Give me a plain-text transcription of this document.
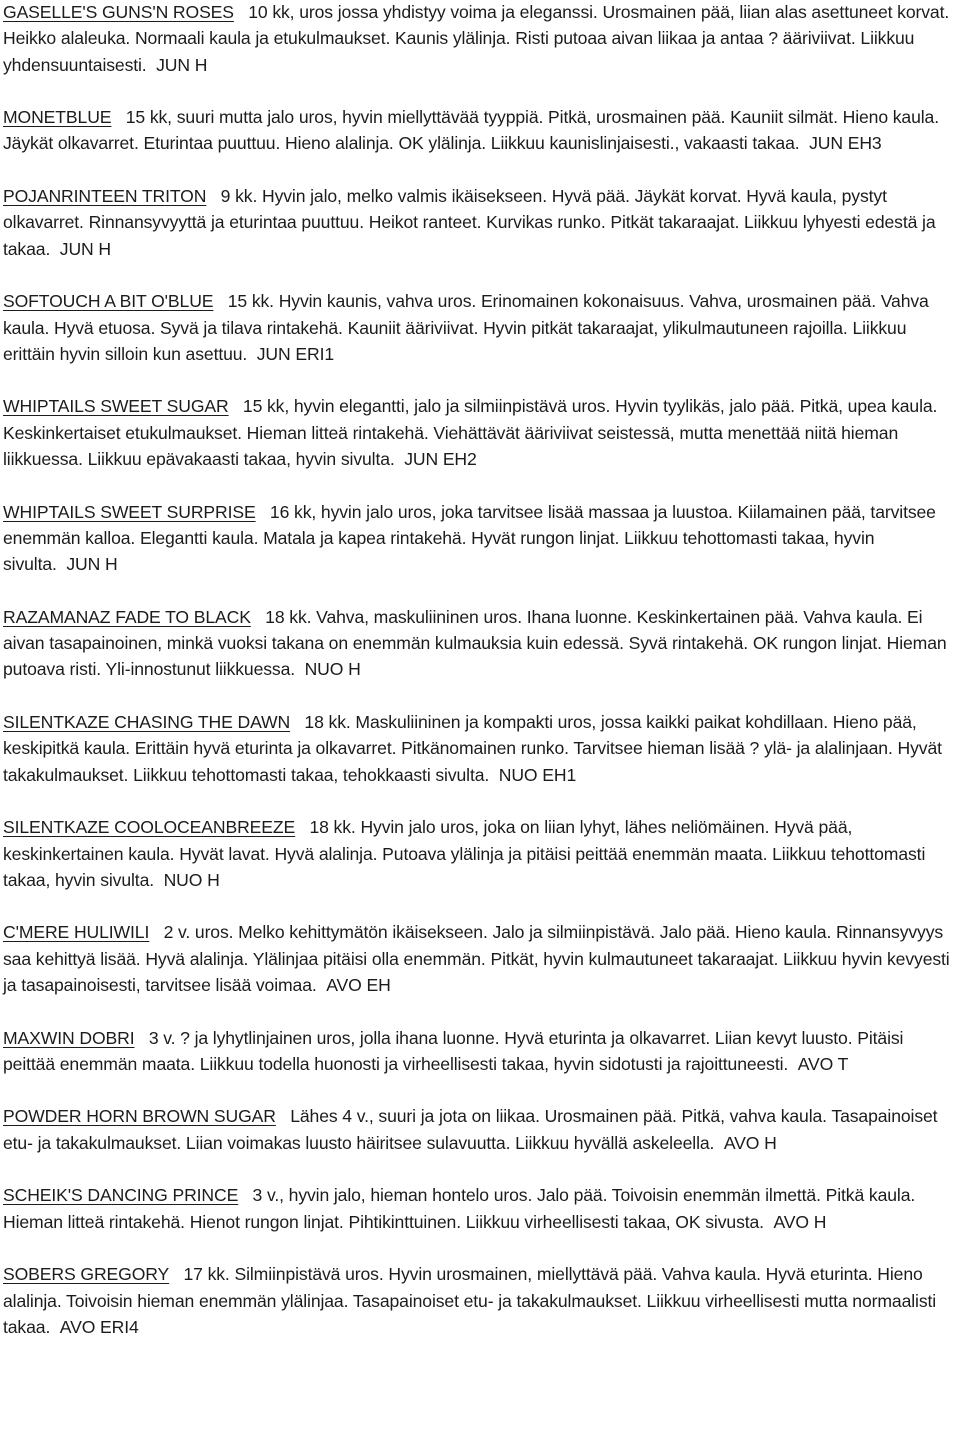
GASELLE'S GUNS'N ROSES 10 kk, uros jossa yhdistyy voima ja eleganssi. Urosmainen pää, liian alas asettuneet korvat. Heikko alaleuka. Normaali kaula ja etukulmaukset. Kaunis ylälinja. Risti putoaa aivan liikaa ja antaa ? ääriviivat. Liikkuu yhdensuuntaisesti. JUN H

MONETBLUE 15 kk, suuri mutta jalo uros, hyvin miellyttävää tyyppiä. Pitkä, urosmainen pää. Kauniit silmät. Hieno kaula. Jäykät olkavarret. Eturintaa puuttuu. Hieno alalinja. OK ylälinja. Liikkuu kaunislinjaisesti., vakaasti takaa. JUN EH3

POJANRINTEEN TRITON 9 kk. Hyvin jalo, melko valmis ikäisekseen. Hyvä pää. Jäykät korvat. Hyvä kaula, pystyt olkavarret. Rinnansyvyyttä ja eturintaa puuttuu. Heikot ranteet. Kurvikas runko. Pitkät takaraajat. Liikkuu lyhyesti edestä ja takaa. JUN H

SOFTOUCH A BIT O'BLUE 15 kk. Hyvin kaunis, vahva uros. Erinomainen kokonaisuus. Vahva, urosmainen pää. Vahva kaula. Hyvä etuosa. Syvä ja tilava rintakehä. Kauniit ääriviivat. Hyvin pitkät takaraajat, ylikulmautuneen rajoilla. Liikkuu erittäin hyvin silloin kun asettuu. JUN ERI1

WHIPTAILS SWEET SUGAR 15 kk, hyvin elegantti, jalo ja silmiinpistävä uros. Hyvin tyylikäs, jalo pää. Pitkä, upea kaula. Keskinkertaiset etukulmaukset. Hieman litteä rintakehä. Viehättävät ääriviivat seistessä, mutta menettää niitä hieman liikkuessa. Liikkuu epävakaasti takaa, hyvin sivulta. JUN EH2

WHIPTAILS SWEET SURPRISE 16 kk, hyvin jalo uros, joka tarvitsee lisää massaa ja luustoa. Kiilamainen pää, tarvitsee enemmän kalloa. Elegantti kaula. Matala ja kapea rintakehä. Hyvät rungon linjat. Liikkuu tehottomasti takaa, hyvin sivulta. JUN H

RAZAMANAZ FADE TO BLACK 18 kk. Vahva, maskuliininen uros. Ihana luonne. Keskinkertainen pää. Vahva kaula. Ei aivan tasapainoinen, minkä vuoksi takana on enemmän kulmauksia kuin edessä. Syvä rintakehä. OK rungon linjat. Hieman putoava risti. Yli-innostunut liikkuessa. NUO H

SILENTKAZE CHASING THE DAWN 18 kk. Maskuliininen ja kompakti uros, jossa kaikki paikat kohdillaan. Hieno pää, keskipitkä kaula. Erittäin hyvä eturinta ja olkavarret. Pitkänomainen runko. Tarvitsee hieman lisää ? ylä- ja alalinjaan. Hyvät takakulmaukset. Liikkuu tehottomasti takaa, tehokkaasti sivulta. NUO EH1

SILENTKAZE COOLOCEANBREEZE 18 kk. Hyvin jalo uros, joka on liian lyhyt, lähes neliömäinen. Hyvä pää, keskinkertainen kaula. Hyvät lavat. Hyvä alalinja. Putoava ylälinja ja pitäisi peittää enemmän maata. Liikkuu tehottomasti takaa, hyvin sivulta. NUO H

C'MERE HULIWILI 2 v. uros. Melko kehittymätön ikäisekseen. Jalo ja silmiinpistävä. Jalo pää. Hieno kaula. Rinnansyvyys saa kehittyä lisää. Hyvä alalinja. Ylälinjaa pitäisi olla enemmän. Pitkät, hyvin kulmautuneet takaraajat. Liikkuu hyvin kevyesti ja tasapainoisesti, tarvitsee lisää voimaa. AVO EH

MAXWIN DOBRI 3 v. ? ja lyhytlinjainen uros, jolla ihana luonne. Hyvä eturinta ja olkavarret. Liian kevyt luusto. Pitäisi peittää enemmän maata. Liikkuu todella huonosti ja virheellisesti takaa, hyvin sidotusti ja rajoittuneesti. AVO T

POWDER HORN BROWN SUGAR Lähes 4 v., suuri ja jota on liikaa. Urosmainen pää. Pitkä, vahva kaula. Tasapainoiset etu- ja takakulmaukset. Liian voimakas luusto häiritsee sulavuutta. Liikkuu hyvällä askeleella. AVO H

SCHEIK'S DANCING PRINCE 3 v., hyvin jalo, hieman hontelo uros. Jalo pää. Toivoisin enemmän ilmettä. Pitkä kaula. Hieman litteä rintakehä. Hienot rungon linjat. Pihtikinttuinen. Liikkuu virheellisesti takaa, OK sivusta. AVO H

SOBERS GREGORY 17 kk. Silmiinpistävä uros. Hyvin urosmainen, miellyttävä pää. Vahva kaula. Hyvä eturinta. Hieno alalinja. Toivoisin hieman enemmän ylälinjaa. Tasapainoiset etu- ja takakulmaukset. Liikkuu virheellisesti mutta normaalisti takaa. AVO ERI4
